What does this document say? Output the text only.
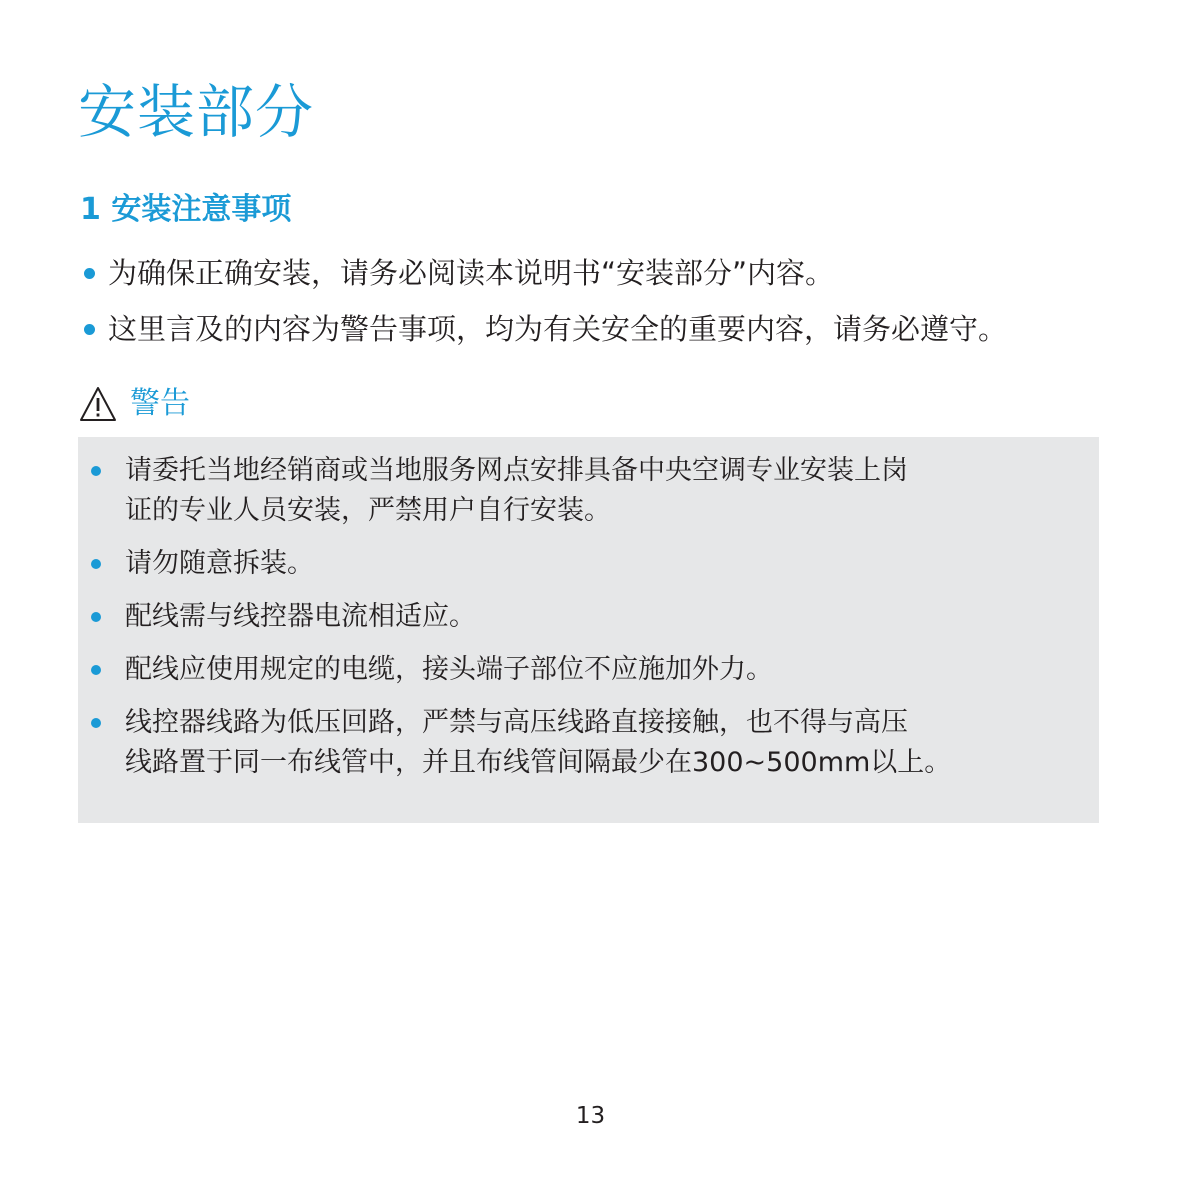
安装部分
1 安装注意事项
为确保正确安装，请务必阅读本说明书“安装部分”内容。
这里言及的内容为警告事项，均为有关安全的重要内容，请务必遵守。
警告
请委托当地经销商或当地服务网点安排具备中央空调专业安装上岗
证的专业人员安装，严禁用户自行安装。
请勿随意拆装。
配线需与线控器电流相适应。
配线应使用规定的电缆，接头端子部位不应施加外力。
线控器线路为低压回路，严禁与高压线路直接接触，也不得与高压
线路置于同一布线管中，并且布线管间隔最少在300~500mm以上。
13
